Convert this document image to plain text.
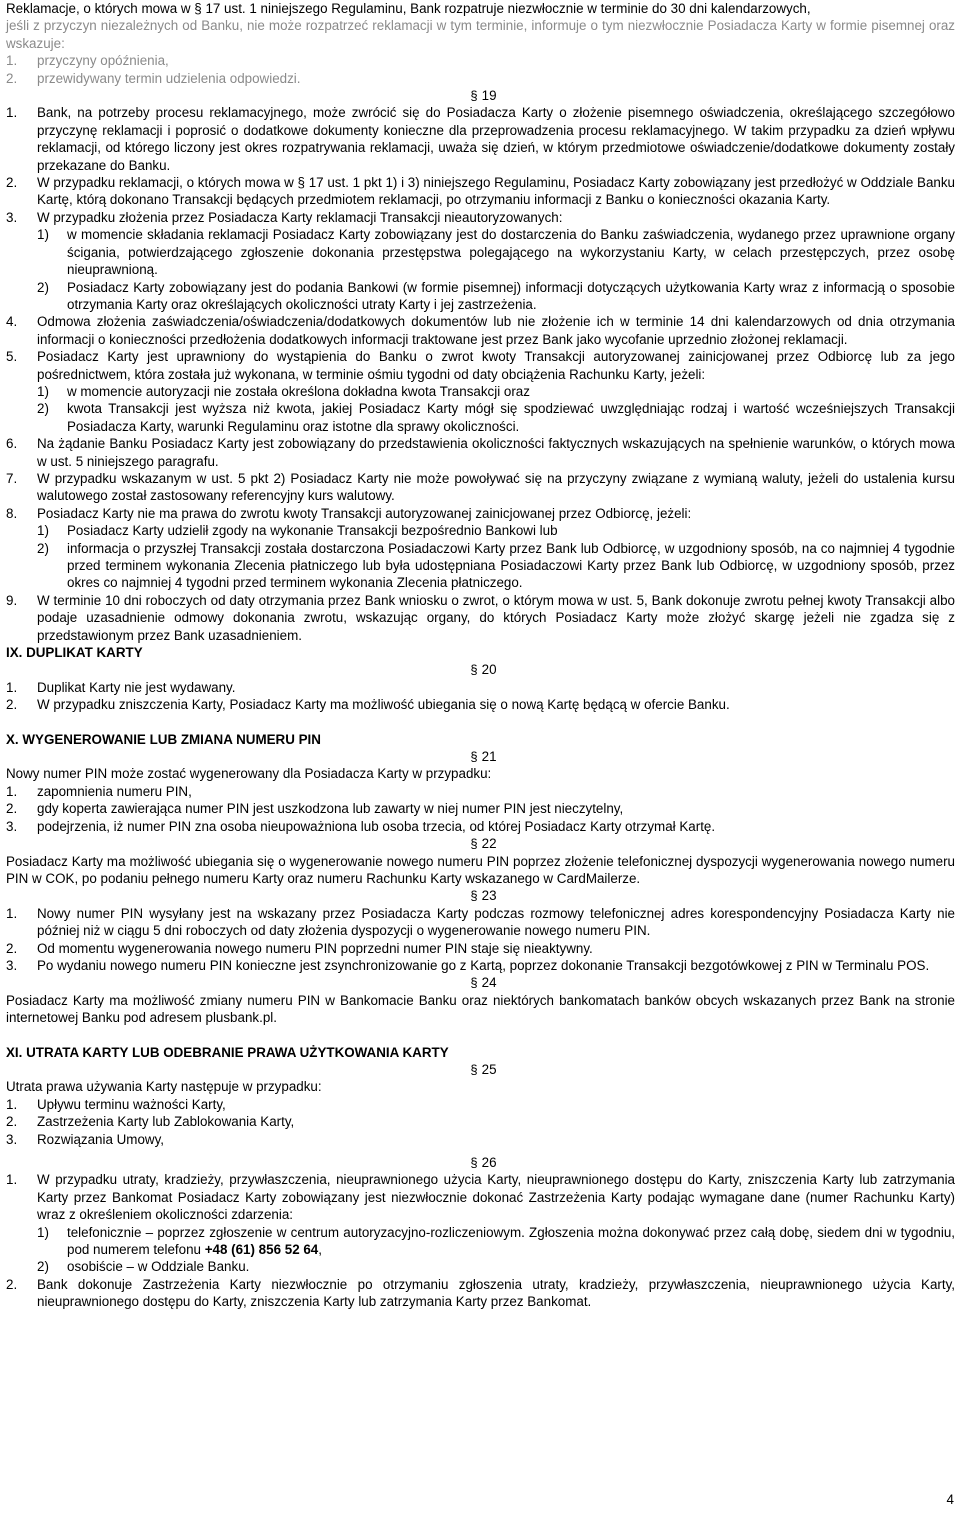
Reklamacje, o których mowa w § 17 ust. 1 niniejszego Regulaminu, Bank rozpatruje niezwłocznie w terminie do 30 dni kalendarzowych,
jeśli z przyczyn niezależnych od Banku, nie może rozpatrzeć reklamacji w tym terminie, informuje o tym niezwłocznie Posiadacza Karty w formie pisemnej oraz wskazuje:
1. przyczyny opóźnienia,
2. przewidywany termin udzielenia odpowiedzi.
§ 19
1. Bank, na potrzeby procesu reklamacyjnego, może zwrócić się do Posiadacza Karty o złożenie pisemnego oświadczenia, określającego szczegółowo przyczynę reklamacji i poprosić o dodatkowe dokumenty konieczne dla przeprowadzenia procesu reklamacyjnego. W takim przypadku za dzień wpływu reklamacji, od którego liczony jest okres rozpatrywania reklamacji, uważa się dzień, w którym przedmiotowe oświadczenie/dodatkowe dokumenty zostały przekazane do Banku.
2. W przypadku reklamacji, o których mowa w § 17 ust. 1 pkt 1) i 3) niniejszego Regulaminu, Posiadacz Karty zobowiązany jest przedłożyć w Oddziale Banku Kartę, którą dokonano Transakcji będących przedmiotem reklamacji, po otrzymaniu informacji z Banku o konieczności okazania Karty.
3. W przypadku złożenia przez Posiadacza Karty reklamacji Transakcji nieautoryzowanych:
1) w momencie składania reklamacji Posiadacz Karty zobowiązany jest do dostarczenia do Banku zaświadczenia, wydanego przez uprawnione organy ścigania, potwierdzającego zgłoszenie dokonania przestępstwa polegającego na wykorzystaniu Karty, w celach przestępczych, przez osobę nieuprawnioną.
2) Posiadacz Karty zobowiązany jest do podania Bankowi (w formie pisemnej) informacji dotyczących użytkowania Karty wraz z informacją o sposobie otrzymania Karty oraz określających okoliczności utraty Karty i jej zastrzeżenia.
4. Odmowa złożenia zaświadczenia/oświadczenia/dodatkowych dokumentów lub nie złożenie ich w terminie 14 dni kalendarzowych od dnia otrzymania informacji o konieczności przedłożenia dodatkowych informacji traktowane jest przez Bank jako wycofanie uprzednio złożonej reklamacji.
5. Posiadacz Karty jest uprawniony do wystąpienia do Banku o zwrot kwoty Transakcji autoryzowanej zainicjowanej przez Odbiorcę lub za jego pośrednictwem, która została już wykonana, w terminie ośmiu tygodni od daty obciążenia Rachunku Karty, jeżeli:
1) w momencie autoryzacji nie została określona dokładna kwota Transakcji oraz
2) kwota Transakcji jest wyższa niż kwota, jakiej Posiadacz Karty mógł się spodziewać uwzględniając rodzaj i wartość wcześniejszych Transakcji Posiadacza Karty, warunki Regulaminu oraz istotne dla sprawy okoliczności.
6. Na żądanie Banku Posiadacz Karty jest zobowiązany do przedstawienia okoliczności faktycznych wskazujących na spełnienie warunków, o których mowa w ust. 5 niniejszego paragrafu.
7. W przypadku wskazanym w ust. 5 pkt 2) Posiadacz Karty nie może powoływać się na przyczyny związane z wymianą waluty, jeżeli do ustalenia kursu walutowego został zastosowany referencyjny kurs walutowy.
8. Posiadacz Karty nie ma prawa do zwrotu kwoty Transakcji autoryzowanej zainicjowanej przez Odbiorcę, jeżeli:
1) Posiadacz Karty udzielił zgody na wykonanie Transakcji bezpośrednio Bankowi lub
2) informacja o przyszłej Transakcji została dostarczona Posiadaczowi Karty przez Bank lub Odbiorcę, w uzgodniony sposób, na co najmniej 4 tygodnie przed terminem wykonania Zlecenia płatniczego lub była udostępniana Posiadaczowi Karty przez Bank lub Odbiorcę, w uzgodniony sposób, przez okres co najmniej 4 tygodni przed terminem wykonania Zlecenia płatniczego.
9. W terminie 10 dni roboczych od daty otrzymania przez Bank wniosku o zwrot, o którym mowa w ust. 5, Bank dokonuje zwrotu pełnej kwoty Transakcji albo podaje uzasadnienie odmowy dokonania zwrotu, wskazując organy, do których Posiadacz Karty może złożyć skargę jeżeli nie zgadza się z przedstawionym przez Bank uzasadnieniem.
IX. DUPLIKAT KARTY
§ 20
1. Duplikat Karty nie jest wydawany.
2. W przypadku zniszczenia Karty, Posiadacz Karty ma możliwość ubiegania się o nową Kartę będącą w ofercie Banku.
X. WYGENEROWANIE LUB ZMIANA NUMERU PIN
§ 21
Nowy numer PIN może zostać wygenerowany dla Posiadacza Karty w przypadku:
1. zapomnienia numeru PIN,
2. gdy koperta zawierająca numer PIN jest uszkodzona lub zawarty w niej numer PIN jest nieczytelny,
3. podejrzenia, iż numer PIN zna osoba nieupoważniona lub osoba trzecia, od której Posiadacz Karty otrzymał Kartę.
§ 22
Posiadacz Karty ma możliwość ubiegania się o wygenerowanie nowego numeru PIN poprzez złożenie telefonicznej dyspozycji wygenerowania nowego numeru PIN w COK, po podaniu pełnego numeru Karty oraz numeru Rachunku Karty wskazanego w CardMailerze.
§ 23
1. Nowy numer PIN wysyłany jest na wskazany przez Posiadacza Karty podczas rozmowy telefonicznej adres korespondencyjny Posiadacza Karty nie później niż w ciągu 5 dni roboczych od daty złożenia dyspozycji o wygenerowanie nowego numeru PIN.
2. Od momentu wygenerowania nowego numeru PIN poprzedni numer PIN staje się nieaktywny.
3. Po wydaniu nowego numeru PIN konieczne jest zsynchronizowanie go z Kartą, poprzez dokonanie Transakcji bezgotówkowej z PIN w Terminalu POS.
§ 24
Posiadacz Karty ma możliwość zmiany numeru PIN w Bankomacie Banku oraz niektórych bankomatach banków obcych wskazanych przez Bank na stronie internetowej Banku pod adresem plusbank.pl.
XI. UTRATA KARTY LUB ODEBRANIE PRAWA UŻYTKOWANIA KARTY
§ 25
Utrata prawa używania Karty następuje w przypadku:
1. Upływu terminu ważności Karty,
2. Zastrzeżenia Karty lub Zablokowania Karty,
3. Rozwiązania Umowy,
§ 26
1. W przypadku utraty, kradzieży, przywłaszczenia, nieuprawnionego użycia Karty, nieuprawnionego dostępu do Karty, zniszczenia Karty lub zatrzymania Karty przez Bankomat Posiadacz Karty zobowiązany jest niezwłocznie dokonać Zastrzeżenia Karty podając wymagane dane (numer Rachunku Karty) wraz z określeniem okoliczności zdarzenia:
1) telefonicznie – poprzez zgłoszenie w centrum autoryzacyjno-rozliczeniowym. Zgłoszenia można dokonywać przez całą dobę, siedem dni w tygodniu, pod numerem telefonu +48 (61) 856 52 64,
2) osobiście – w Oddziale Banku.
2. Bank dokonuje Zastrzeżenia Karty niezwłocznie po otrzymaniu zgłoszenia utraty, kradzieży, przywłaszczenia, nieuprawnionego użycia Karty, nieuprawnionego dostępu do Karty, zniszczenia Karty lub zatrzymania Karty przez Bankomat.
4
